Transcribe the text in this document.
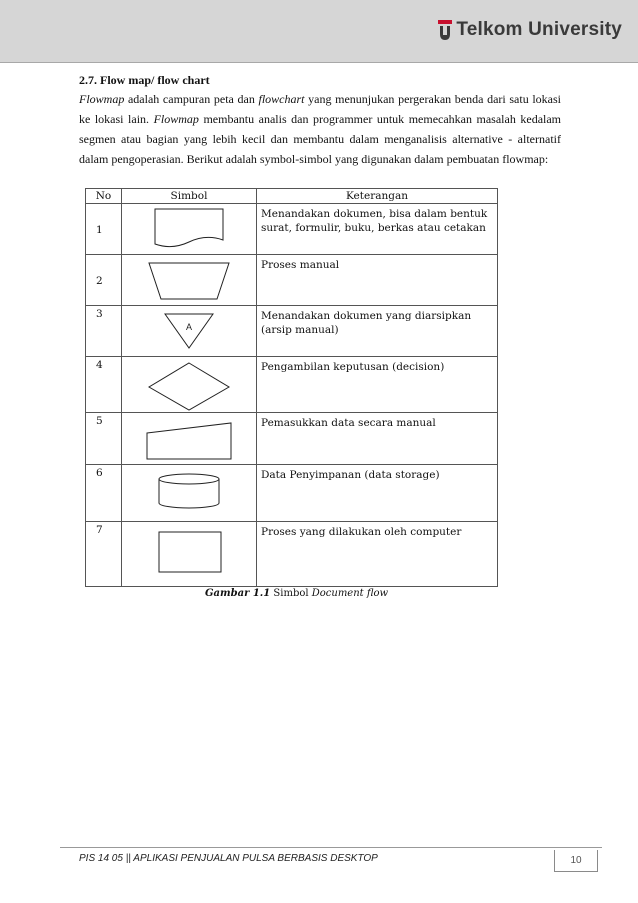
Telkom University
2.7. Flow map/ flow chart

Flowmap adalah campuran peta dan flowchart yang menunjukan pergerakan benda dari satu lokasi ke lokasi lain. Flowmap membantu analis dan programmer untuk memecahkan masalah kedalam segmen atau bagian yang lebih kecil dan membantu dalam menganalisis alternative - alternatif dalam pengoperasian. Berikut adalah symbol-simbol yang digunakan dalam pembuatan flowmap:

No	Simbol	Keterangan
1		Menandakan dokumen, bisa dalam bentuk surat, formulir, buku, berkas atau cetakan
2		Proses manual
3	A	Menandakan dokumen yang diarsipkan (arsip manual)
4		Pengambilan keputusan (decision)
5		Pemasukkan data secara manual
6		Data Penyimpanan (data storage)
7		Proses yang dilakukan oleh computer
Gambar 1.1 Simbol Document flow
PIS 14 05 || APLIKASI PENJUALAN PULSA BERBASIS DESKTOP	10
